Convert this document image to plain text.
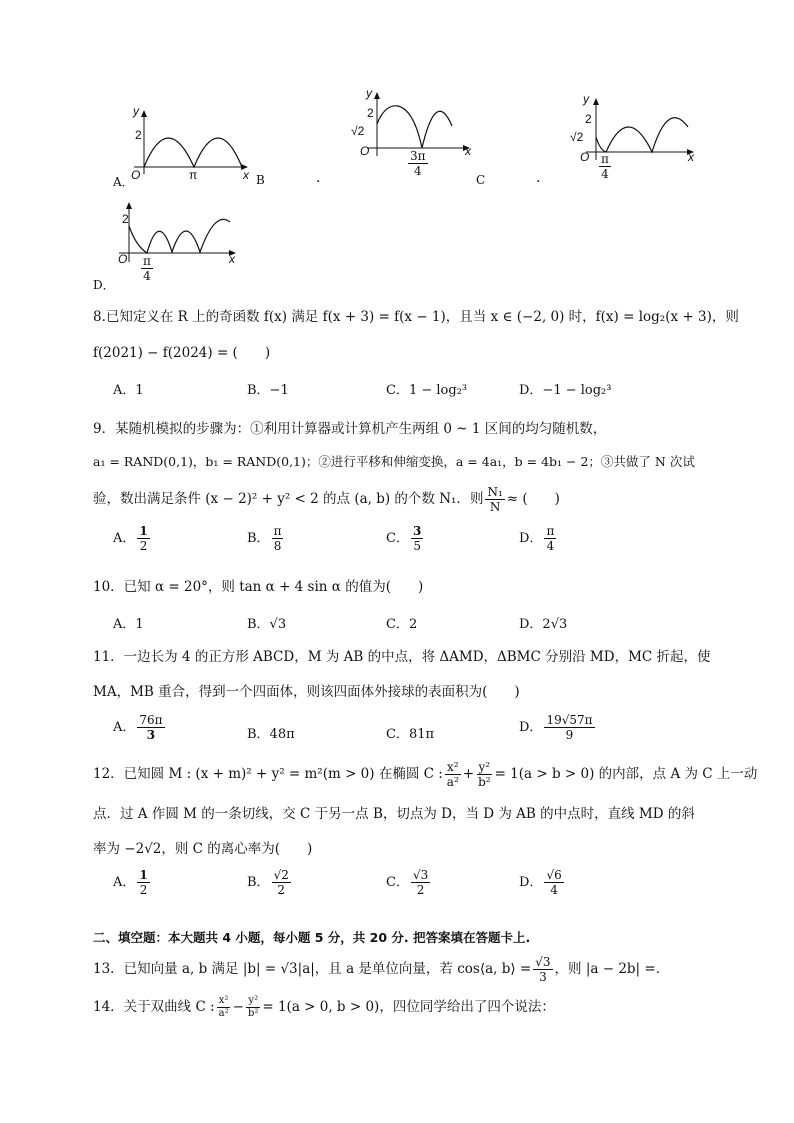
y
2
O	π	x
A．	B	.
y
2
√2
O	x
$\frac{3\pi}{4}$
C	.
y
2
√2
O	x
$\frac{\pi}{4}$
2
O	x
$\frac{\pi}{4}$
D．
8.已知定义在 R 上的奇函数 f(x) 满足 f(x + 3) = f(x − 1)，且当 x ∈ (−2, 0) 时，f(x) = log₂(x + 3)，则
f(2021) − f(2024) = (　　)
A．1	B．−1	C．1 − log₂³	D．−1 − log₂³
9．某随机模拟的步骤为：①利用计算器或计算机产生两组 0 ~ 1 区间的均匀随机数，
a₁ = RAND(0,1)，b₁ = RAND(0,1)；②进行平移和伸缩变换，a = 4a₁，b = 4b₁ − 2；③共做了 N 次试
验，数出满足条件 (x − 2)² + y² < 2 的点 (a, b) 的个数 N₁．则 $\frac{\text{N₁}}{N}$ ≈ (　　)
A． $\frac{1}{2}$	B． $\frac{\pi}{8}$	C． $\frac{3}{5}$	D． $\frac{\pi}{4}$
10．已知 α = 20°，则 tan α + 4 sin α 的值为(　　)
A．1	B．√3	C．2	D．2√3
11．一边长为 4 的正方形 ABCD，M 为 AB 的中点，将 ΔAMD，ΔBMC 分别沿 MD，MC 折起，使
MA，MB 重合，得到一个四面体，则该四面体外接球的表面积为(　　)
A． $\frac{76\pi}{3}$	B．48π	C．81π	D． $\frac{19√57\pi}{9}$
12．已知圆 M : (x + m)² + y² = m²(m > 0) 在椭圆 C : $\frac{\text{x²}}{\text{a²}} + \frac{\text{y²}}{\text{b²}} = 1(a > b > 0)$ 的内部，点 A 为 C 上一动
点．过 A 作圆 M 的一条切线，交 C 于另一点 B，切点为 D，当 D 为 AB 的中点时，直线 MD 的斜
率为 −2√2，则 C 的离心率为(　　)
A． $\frac{1}{2}$	B． $\frac{√2}{2}$	C． $\frac{√3}{2}$	D． $\frac{√6}{4}$
二、填空题：本大题共 4 小题，每小题 5 分，共 20 分. 把答案填在答题卡上.
13．已知向量 a, b 满足 |b| = √3|a|，且 a 是单位向量，若 cos⟨a, b⟩ = $\frac{√3}{3}$ ，则 |a − 2b| =．
14．关于双曲线 C : $\frac{\text{x²}}{\text{a²}} - \frac{\text{y²}}{\text{b²}} = 1(a > 0$, b > 0)，四位同学给出了四个说法：
